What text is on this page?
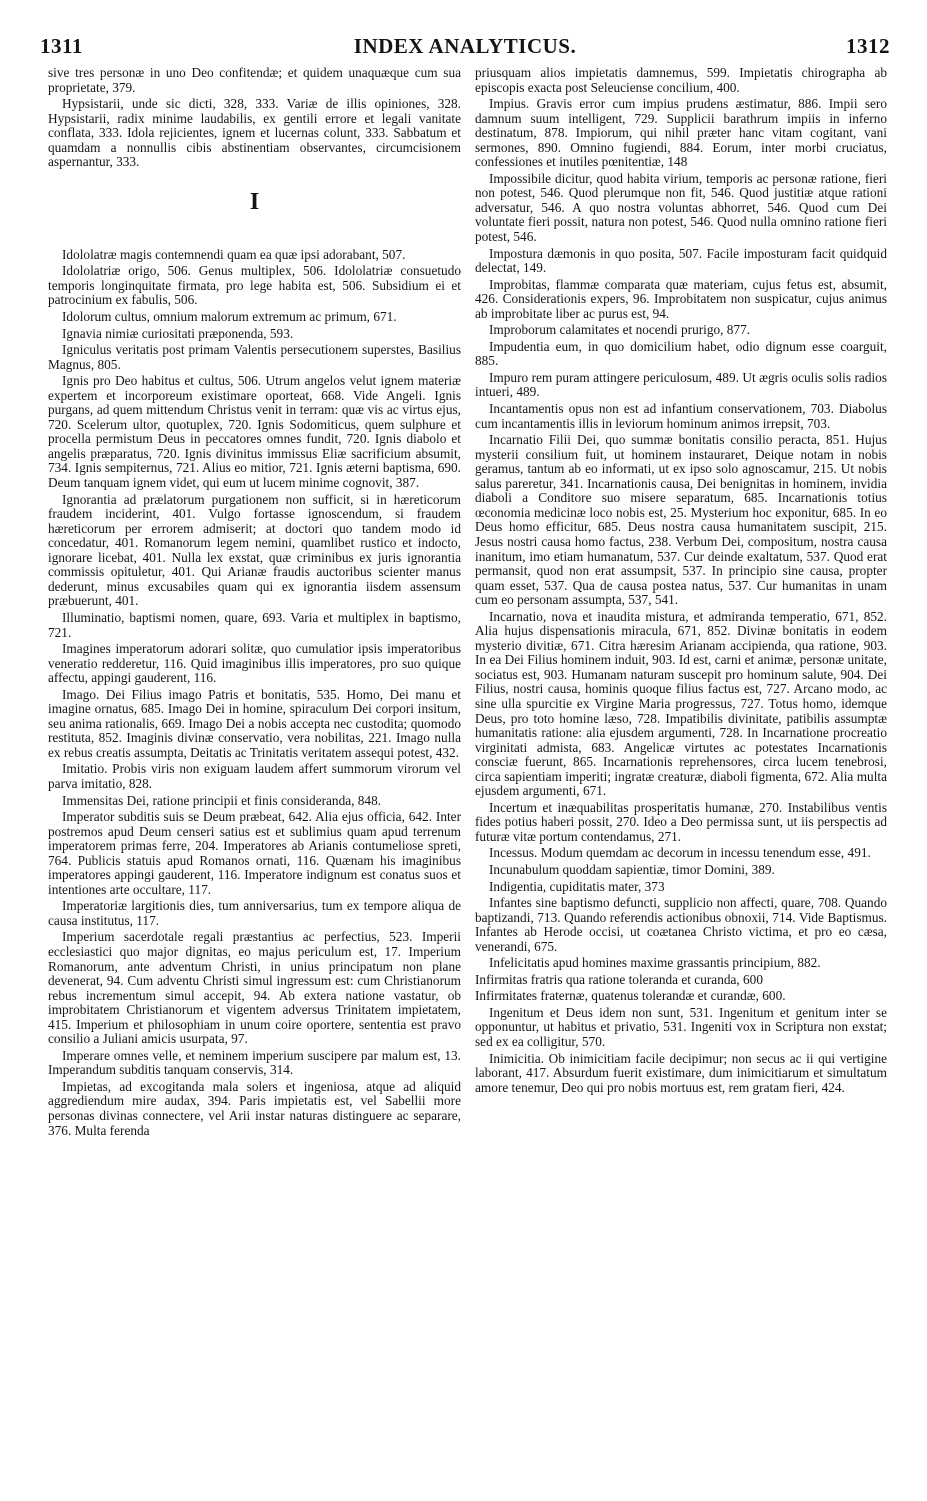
1311	INDEX ANALYTICUS.	1312

sive tres personæ in uno Deo confitendæ; et quidem unaquæque cum sua proprietate, 379.

Hypsistarii, unde sic dicti, 328, 333. Variæ de illis opiniones, 328. Hypsistarii, radix minime laudabilis, ex gentili errore et legali vanitate conflata, 333. Idola rejicientes, ignem et lucernas colunt, 333. Sabbatum et quamdam a nonnullis cibis abstinentiam observantes, circumcisionem aspernantur, 333.

I

Idololatræ magis contemnendi quam ea quæ ipsi adorabant, 507.

Idololatriæ origo, 506. Genus multiplex, 506. Idololatriæ consuetudo temporis longinquitate firmata, pro lege habita est, 506. Subsidium ei et patrocinium ex fabulis, 506.

Idolorum cultus, omnium malorum extremum ac primum, 671.

Ignavia nimiæ curiositati præponenda, 593.

Igniculus veritatis post primam Valentis persecutionem superstes, Basilius Magnus, 805.

Ignis pro Deo habitus et cultus, 506. Utrum angelos velut ignem materiæ expertem et incorporeum existimare oporteat, 668. Vide Angeli. Ignis purgans, ad quem mittendum Christus venit in terram: quæ vis ac virtus ejus, 720. Scelerum ultor, quotuplex, 720. Ignis Sodomiticus, quem sulphure et procella permistum Deus in peccatores omnes fundit, 720. Ignis diabolo et angelis præparatus, 720. Ignis divinitus immissus Eliæ sacrificium absumit, 734. Ignis sempiternus, 721. Alius eo mitior, 721. Ignis æterni baptisma, 690. Deum tanquam ignem videt, qui eum ut lucem minime cognovit, 387.

Ignorantia ad prælatorum purgationem non sufficit, si in hæreticorum fraudem inciderint, 401. Vulgo fortasse ignoscendum, si fraudem hæreticorum per errorem admiserit; at doctori quo tandem modo id concedatur, 401. Romanorum legem nemini, quamlibet rustico et indocto, ignorare licebat, 401. Nulla lex exstat, quæ criminibus ex juris ignorantia commissis opituletur, 401. Qui Arianæ fraudis auctoribus scienter manus dederunt, minus excusabiles quam qui ex ignorantia iisdem assensum præbuerunt, 401.

Illuminatio, baptismi nomen, quare, 693. Varia et multiplex in baptismo, 721.

Imagines imperatorum adorari solitæ, quo cumulatior ipsis imperatoribus veneratio redderetur, 116. Quid imaginibus illis imperatores, pro suo quique affectu, appingi gauderent, 116.

Imago. Dei Filius imago Patris et bonitatis, 535. Homo, Dei manu et imagine ornatus, 685. Imago Dei in homine, spiraculum Dei corpori insitum, seu anima rationalis, 669. Imago Dei a nobis accepta nec custodita; quomodo restituta, 852. Imaginis divinæ conservatio, vera nobilitas, 221. Imago nulla ex rebus creatis assumpta, Deitatis ac Trinitatis veritatem assequi potest, 432.

Imitatio. Probis viris non exiguam laudem affert summorum virorum vel parva imitatio, 828.

Immensitas Dei, ratione principii et finis consideranda, 848.

Imperator subditis suis se Deum præbeat, 642. Alia ejus officia, 642. Inter postremos apud Deum censeri satius est et sublimius quam apud terrenum imperatorem primas ferre, 204. Imperatores ab Arianis contumeliose spreti, 764. Publicis statuis apud Romanos ornati, 116. Quænam his imaginibus imperatores appingi gauderent, 116. Imperatore indignum est conatus suos et intentiones arte occultare, 117.

Imperatoriæ largitionis dies, tum anniversarius, tum ex tempore aliqua de causa institutus, 117.

Imperium sacerdotale regali præstantius ac perfectius, 523. Imperii ecclesiastici quo major dignitas, eo majus periculum est, 17. Imperium Romanorum, ante adventum Christi, in unius principatum non plane devenerat, 94. Cum adventu Christi simul ingressum est: cum Christianorum rebus incrementum simul accepit, 94. Ab extera natione vastatur, ob improbitatem Christianorum et vigentem adversus Trinitatem impietatem, 415. Imperium et philosophiam in unum coire oportere, sententia est pravo consilio a Juliani amicis usurpata, 97.

Imperare omnes velle, et neminem imperium suscipere par malum est, 13. Imperandum subditis tanquam conservis, 314.

Impietas, ad excogitanda mala solers et ingeniosa, atque ad aliquid aggrediendum mire audax, 394. Paris impietatis est, vel Sabellii more personas divinas connectere, vel Arii instar naturas distinguere ac separare, 376. Multa ferenda

priusquam alios impietatis damnemus, 599. Impietatis chirographa ab episcopis exacta post Seleuciense concilium, 400.

Impius. Gravis error cum impius prudens æstimatur, 886. Impii sero damnum suum intelligent, 729. Supplicii barathrum impiis in inferno destinatum, 878. Impiorum, qui nihil præter hanc vitam cogitant, vani sermones, 890. Omnino fugiendi, 884. Eorum, inter morbi cruciatus, confessiones et inutiles pœnitentiæ, 148

Impossibile dicitur, quod habita virium, temporis ac personæ ratione, fieri non potest, 546. Quod plerumque non fit, 546. Quod justitiæ atque rationi adversatur, 546. A quo nostra voluntas abhorret, 546. Quod cum Dei voluntate fieri possit, natura non potest, 546. Quod nulla omnino ratione fieri potest, 546.

Impostura dæmonis in quo posita, 507. Facile imposturam facit quidquid delectat, 149.

Improbitas, flammæ comparata quæ materiam, cujus fetus est, absumit, 426. Considerationis expers, 96. Improbitatem non suspicatur, cujus animus ab improbitate liber ac purus est, 94.

Improborum calamitates et nocendi prurigo, 877.

Impudentia eum, in quo domicilium habet, odio dignum esse coarguit, 885.

Impuro rem puram attingere periculosum, 489. Ut ægris oculis solis radios intueri, 489.

Incantamentis opus non est ad infantium conservationem, 703. Diabolus cum incantamentis illis in leviorum hominum animos irrepsit, 703.

Incarnatio Filii Dei, quo summæ bonitatis consilio peracta, 851. Hujus mysterii consilium fuit, ut hominem instauraret, Deique notam in nobis geramus, tantum ab eo informati, ut ex ipso solo agnoscamur, 215. Ut nobis salus pareretur, 341. Incarnationis causa, Dei benignitas in hominem, invidia diaboli a Conditore suo misere separatum, 685. Incarnationis totius œconomia medicinæ loco nobis est, 25. Mysterium hoc exponitur, 685. In eo Deus homo efficitur, 685. Deus nostra causa humanitatem suscipit, 215. Jesus nostri causa homo factus, 238. Verbum Dei, compositum, nostra causa inanitum, imo etiam humanatum, 537. Cur deinde exaltatum, 537. Quod erat permansit, quod non erat assumpsit, 537. In principio sine causa, propter quam esset, 537. Qua de causa postea natus, 537. Cur humanitas in unam cum eo personam assumpta, 537, 541.

Incarnatio, nova et inaudita mistura, et admiranda temperatio, 671, 852. Alia hujus dispensationis miracula, 671, 852. Divinæ bonitatis in eodem mysterio divitiæ, 671. Citra hæresim Arianam accipienda, qua ratione, 903. In ea Dei Filius hominem induit, 903. Id est, carni et animæ, personæ unitate, sociatus est, 903. Humanam naturam suscepit pro hominum salute, 904. Dei Filius, nostri causa, hominis quoque filius factus est, 727. Arcano modo, ac sine ulla spurcitie ex Virgine Maria progressus, 727. Totus homo, idemque Deus, pro toto homine læso, 728. Impatibilis divinitate, patibilis assumptæ humanitatis ratione: alia ejusdem argumenti, 728. In Incarnatione procreatio virginitati admista, 683. Angelicæ virtutes ac potestates Incarnationis consciæ fuerunt, 865. Incarnationis reprehensores, circa lucem tenebrosi, circa sapientiam imperiti; ingratæ creaturæ, diaboli figmenta, 672. Alia multa ejusdem argumenti, 671.

Incertum et inæquabilitas prosperitatis humanæ, 270. Instabilibus ventis fides potius haberi possit, 270. Ideo a Deo permissa sunt, ut iis perspectis ad futuræ vitæ portum contendamus, 271.

Incessus. Modum quemdam ac decorum in incessu tenendum esse, 491.

Incunabulum quoddam sapientiæ, timor Domini, 389.

Indigentia, cupiditatis mater, 373

Infantes sine baptismo defuncti, supplicio non affecti, quare, 708. Quando baptizandi, 713. Quando referendis actionibus obnoxii, 714. Vide Baptismus. Infantes ab Herode occisi, ut coætanea Christo victima, et pro eo cæsa, venerandi, 675.

Infelicitatis apud homines maxime grassantis principium, 882.

Infirmitas fratris qua ratione toleranda et curanda, 600

Infirmitates fraternæ, quatenus tolerandæ et curandæ, 600.

Ingenitum et Deus idem non sunt, 531. Ingenitum et genitum inter se opponuntur, ut habitus et privatio, 531. Ingeniti vox in Scriptura non exstat; sed ex ea colligitur, 570.

Inimicitia. Ob inimicitiam facile decipimur; non secus ac ii qui vertigine laborant, 417. Absurdum fuerit existimare, dum inimicitiarum et simultatum amore tenemur, Deo qui pro nobis mortuus est, rem gratam fieri, 424.
